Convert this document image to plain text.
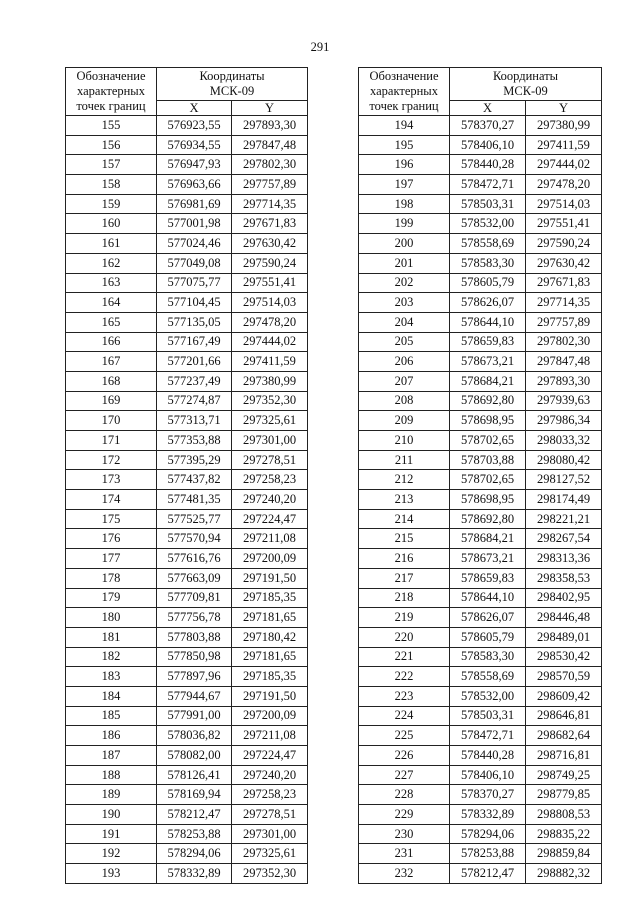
291
Обозначение
характерных
точек границ	Координаты
МСК-09	
	X	Y
155	576923,55	297893,30
156	576934,55	297847,48
157	576947,93	297802,30
158	576963,66	297757,89
159	576981,69	297714,35
160	577001,98	297671,83
161	577024,46	297630,42
162	577049,08	297590,24
163	577075,77	297551,41
164	577104,45	297514,03
165	577135,05	297478,20
166	577167,49	297444,02
167	577201,66	297411,59
168	577237,49	297380,99
169	577274,87	297352,30
170	577313,71	297325,61
171	577353,88	297301,00
172	577395,29	297278,51
173	577437,82	297258,23
174	577481,35	297240,20
175	577525,77	297224,47
176	577570,94	297211,08
177	577616,76	297200,09
178	577663,09	297191,50
179	577709,81	297185,35
180	577756,78	297181,65
181	577803,88	297180,42
182	577850,98	297181,65
183	577897,96	297185,35
184	577944,67	297191,50
185	577991,00	297200,09
186	578036,82	297211,08
187	578082,00	297224,47
188	578126,41	297240,20
189	578169,94	297258,23
190	578212,47	297278,51
191	578253,88	297301,00
192	578294,06	297325,61
193	578332,89	297352,30
Обозначение
характерных
точек границ	Координаты
МСК-09	
	X	Y
194	578370,27	297380,99
195	578406,10	297411,59
196	578440,28	297444,02
197	578472,71	297478,20
198	578503,31	297514,03
199	578532,00	297551,41
200	578558,69	297590,24
201	578583,30	297630,42
202	578605,79	297671,83
203	578626,07	297714,35
204	578644,10	297757,89
205	578659,83	297802,30
206	578673,21	297847,48
207	578684,21	297893,30
208	578692,80	297939,63
209	578698,95	297986,34
210	578702,65	298033,32
211	578703,88	298080,42
212	578702,65	298127,52
213	578698,95	298174,49
214	578692,80	298221,21
215	578684,21	298267,54
216	578673,21	298313,36
217	578659,83	298358,53
218	578644,10	298402,95
219	578626,07	298446,48
220	578605,79	298489,01
221	578583,30	298530,42
222	578558,69	298570,59
223	578532,00	298609,42
224	578503,31	298646,81
225	578472,71	298682,64
226	578440,28	298716,81
227	578406,10	298749,25
228	578370,27	298779,85
229	578332,89	298808,53
230	578294,06	298835,22
231	578253,88	298859,84
232	578212,47	298882,32
